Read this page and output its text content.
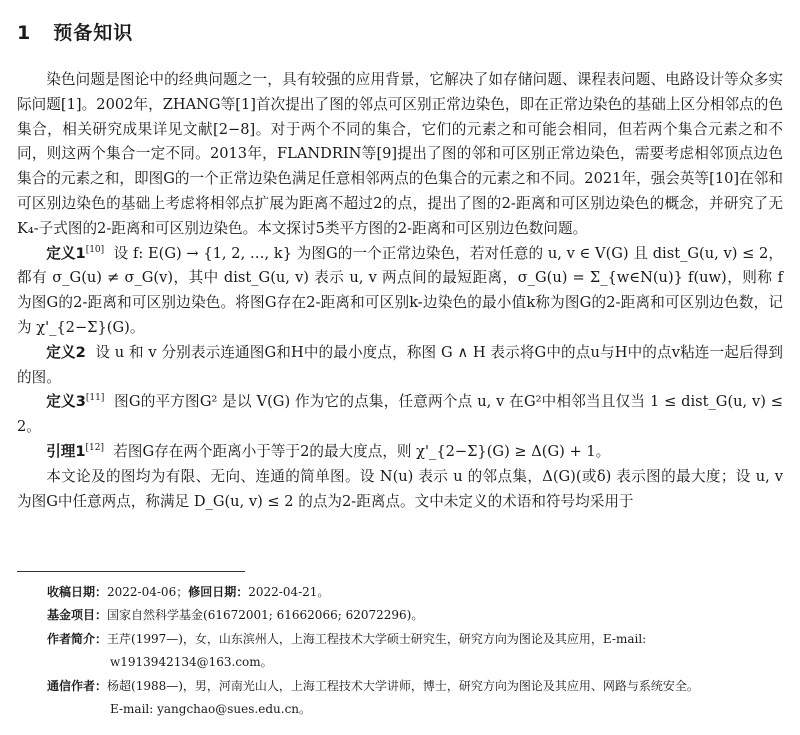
1 预备知识

染色问题是图论中的经典问题之一，具有较强的应用背景，它解决了如存储问题、课程表问题、电路设计等众多实际问题[1]。2002年，ZHANG等[1]首次提出了图的邻点可区别正常边染色，即在正常边染色的基础上区分相邻点的色集合，相关研究成果详见文献[2−8]。对于两个不同的集合，它们的元素之和可能会相同，但若两个集合元素之和不同，则这两个集合一定不同。2013年，FLANDRIN等[9]提出了图的邻和可区别正常边染色，需要考虑相邻顶点边色集合的元素之和，即图G的一个正常边染色满足任意相邻两点的色集合的元素之和不同。2021年，强会英等[10]在邻和可区别边染色的基础上考虑将相邻点扩展为距离不超过2的点，提出了图的2-距离和可区别边染色的概念，并研究了无K₄-子式图的2-距离和可区别边染色。本文探讨5类平方图的2-距离和可区别边色数问题。

定义1[10] 设 f: E(G) → {1, 2, …, k} 为图G的一个正常边染色，若对任意的 u, v ∈ V(G) 且 dist_G(u, v) ≤ 2，都有 σ_G(u) ≠ σ_G(v)，其中 dist_G(u, v) 表示 u, v 两点间的最短距离，σ_G(u) = Σ_{w∈N(u)} f(uw)，则称 f 为图G的2-距离和可区别边染色。将图G存在2-距离和可区别k-边染色的最小值k称为图G的2-距离和可区别边色数，记为 χ'_{2−Σ}(G)。

定义2 设 u 和 v 分别表示连通图G和H中的最小度点，称图 G ∧ H 表示将G中的点u与H中的点v粘连一起后得到的图。

定义3[11] 图G的平方图G² 是以 V(G) 作为它的点集，任意两个点 u, v 在G²中相邻当且仅当 1 ≤ dist_G(u, v) ≤ 2。

引理1[12] 若图G存在两个距离小于等于2的最大度点，则 χ'_{2−Σ}(G) ≥ Δ(G) + 1。

本文论及的图均为有限、无向、连通的简单图。设 N(u) 表示 u 的邻点集，Δ(G)(或δ) 表示图的最大度；设 u, v 为图G中任意两点，称满足 D_G(u, v) ≤ 2 的点为2-距离点。文中未定义的术语和符号均采用于

收稿日期：2022-04-06；修回日期：2022-04-21。

基金项目：国家自然科学基金(61672001; 61662066; 62072296)。

作者简介：王芹(1997—)，女，山东滨州人，上海工程技术大学硕士研究生，研究方向为图论及其应用，E-mail:
w1913942134@163.com。

通信作者：杨超(1988—)，男，河南光山人，上海工程技术大学讲师，博士，研究方向为图论及其应用、网路与系统安全。
E-mail: yangchao@sues.edu.cn。
